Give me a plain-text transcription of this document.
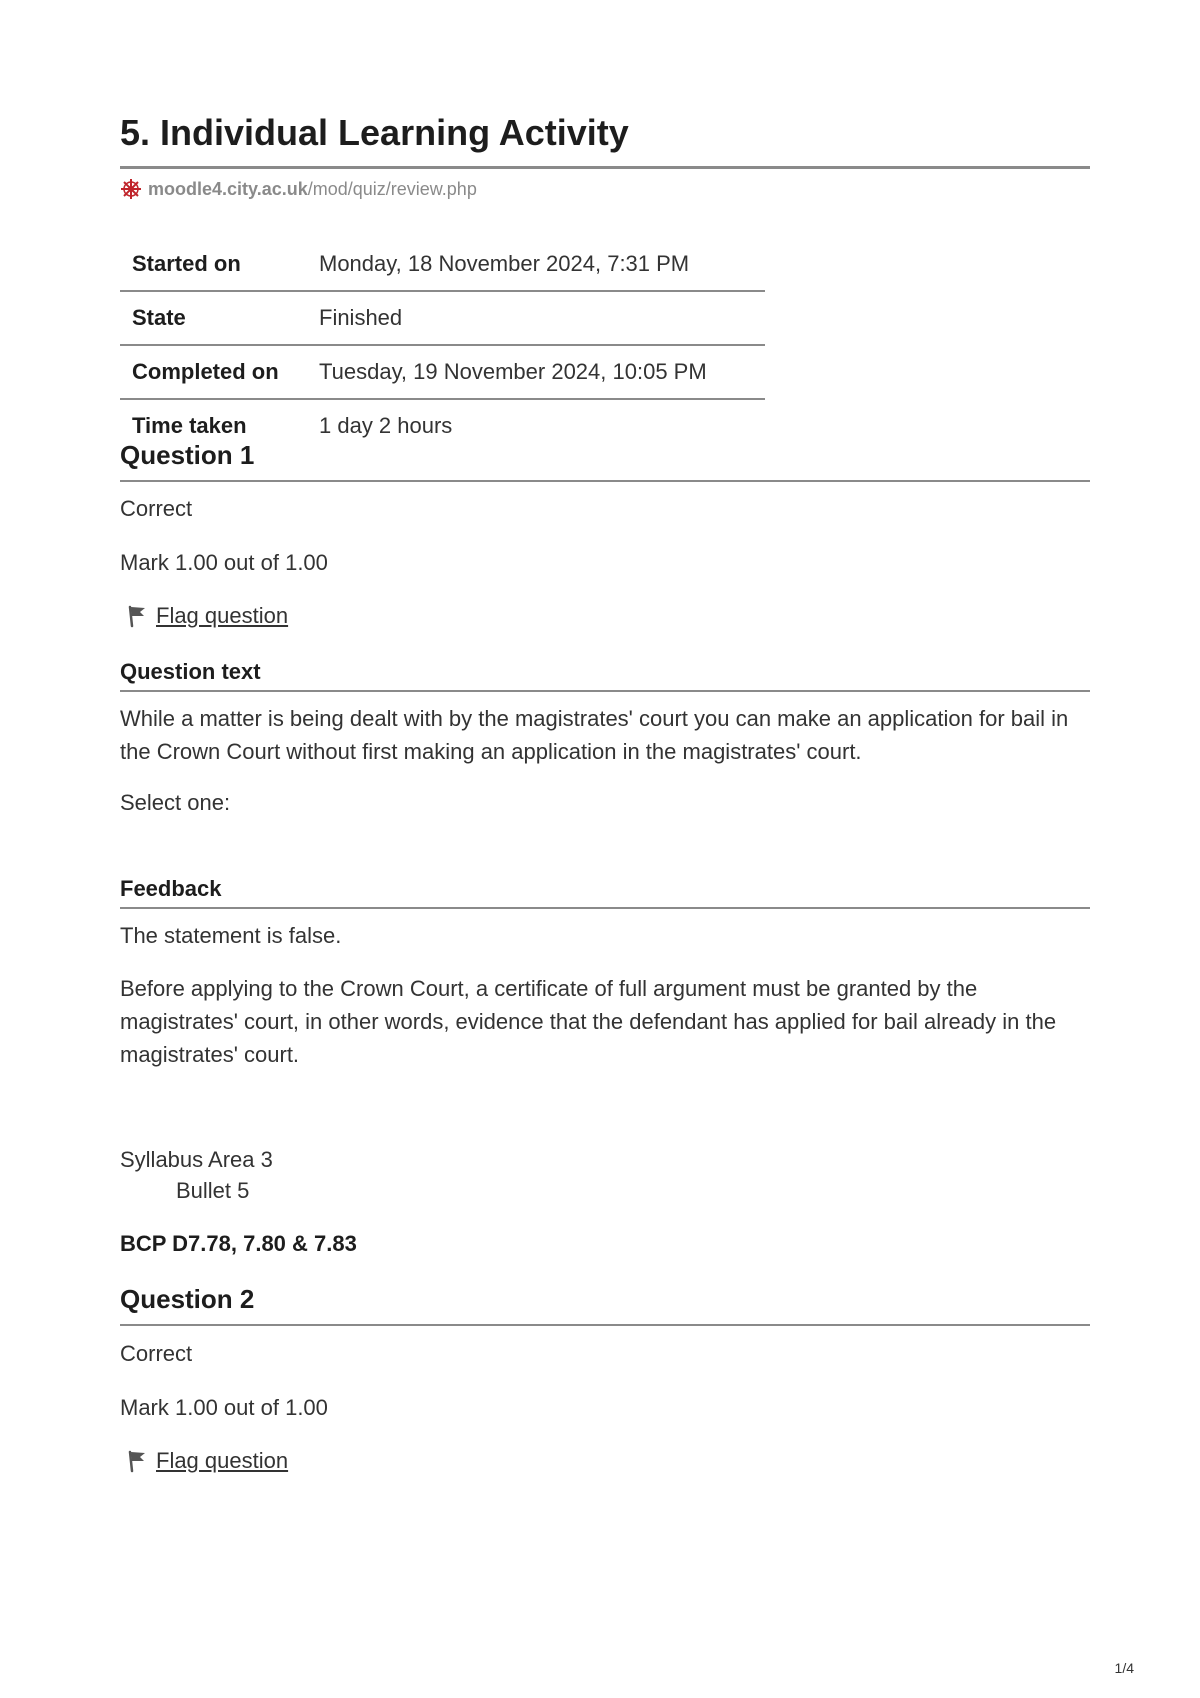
5. Individual Learning Activity
moodle4.city.ac.uk/mod/quiz/review.php
Started on	Monday, 18 November 2024, 7:31 PM
State	Finished
Completed on	Tuesday, 19 November 2024, 10:05 PM
Time taken	1 day 2 hours
Question 1
Correct
Mark 1.00 out of 1.00
Flag question
Question text
While a matter is being dealt with by the magistrates' court you can make an application for bail in the Crown Court without first making an application in the magistrates' court.
Select one:
Feedback
The statement is false.
Before applying to the Crown Court, a certificate of full argument must be granted by the magistrates' court, in other words, evidence that the defendant has applied for bail already in the magistrates' court.
Syllabus Area 3
Bullet 5
BCP D7.78, 7.80 & 7.83
Question 2
Correct
Mark 1.00 out of 1.00
Flag question
1/4
